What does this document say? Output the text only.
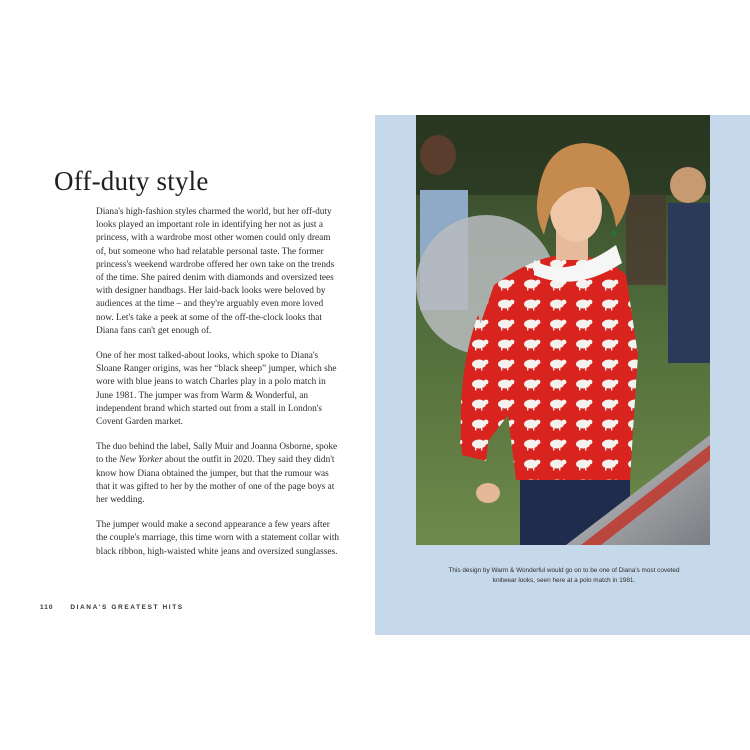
Off-duty style

Diana's high-fashion styles charmed the world, but her off-duty looks played an important role in identifying her not as just a princess, with a wardrobe most other women could only dream of, but someone who had relatable personal taste. The former princess's weekend wardrobe offered her own take on the trends of the time. She paired denim with diamonds and oversized tees with designer handbags. Her laid-back looks were beloved by audiences at the time – and they're arguably even more loved now. Let's take a peek at some of the off-the-clock looks that Diana fans can't get enough of.

One of her most talked-about looks, which spoke to Diana's Sloane Ranger origins, was her “black sheep” jumper, which she wore with blue jeans to watch Charles play in a polo match in June 1981. The jumper was from Warm & Wonderful, an independent brand which started out from a stall in London's Covent Garden market.

The duo behind the label, Sally Muir and Joanna Osborne, spoke to the New Yorker about the outfit in 2020. They said they didn't know how Diana obtained the jumper, but that the rumour was that it was gifted to her by the mother of one of the page boys at her wedding.

The jumper would make a second appearance a few years after the couple's marriage, this time worn with a statement collar with black ribbon, high-waisted white jeans and oversized sunglasses.

110	DIANA'S GREATEST HITS
This design by Warm & Wonderful would go on to be one of Diana's most coveted knitwear looks, seen here at a polo match in 1981.
